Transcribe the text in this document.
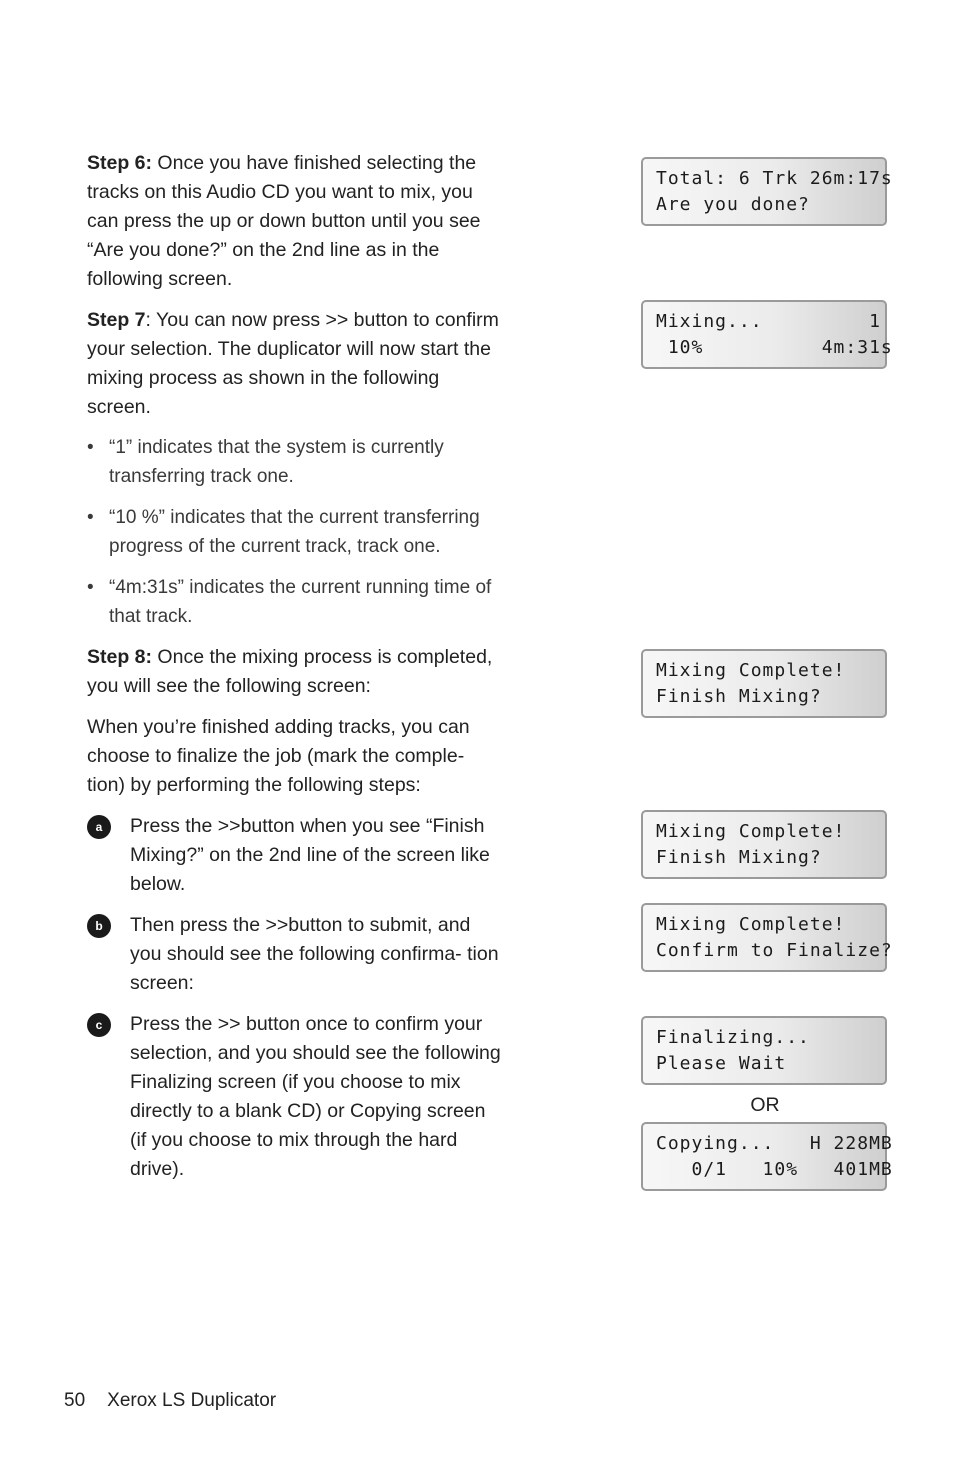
Step 6: Once you have finished selecting the tracks on this Audio CD you want to mix, you can press the up or down button until you see “Are you done?” on the 2nd line as in the following screen.

Step 7: You can now press >> button to confirm your selection. The duplicator will now start the mixing process as shown in the following screen.

• “1” indicates that the system is currently transferring track one.

• “10 %” indicates that the current transferring progress of the current track, track one.

• “4m:31s” indicates the current running time of that track.

Step 8: Once the mixing process is completed, you will see the following screen:

When you’re finished adding tracks, you can choose to finalize the job (mark the comple- tion) by performing the following steps:

a	Press the >>button when you see “Finish Mixing?” on the 2nd line of the screen like below.

b	Then press the >>button to submit, and you should see the following confirma- tion screen:

c	Press the >> button once to confirm your selection, and you should see the following Finalizing screen (if you choose to mix directly to a blank CD) or Copying screen (if you choose to mix through the hard drive).

Total: 6 Trk 26m:17s
Are you done?
Mixing...         1
10%          4m:31s
Mixing Complete!
Finish Mixing?
Mixing Complete!
Finish Mixing?
Mixing Complete!
Confirm to Finalize?
Finalizing...
Please Wait
OR
Copying...   H 228MB
0/1   10%   401MB
50 Xerox LS Duplicator
